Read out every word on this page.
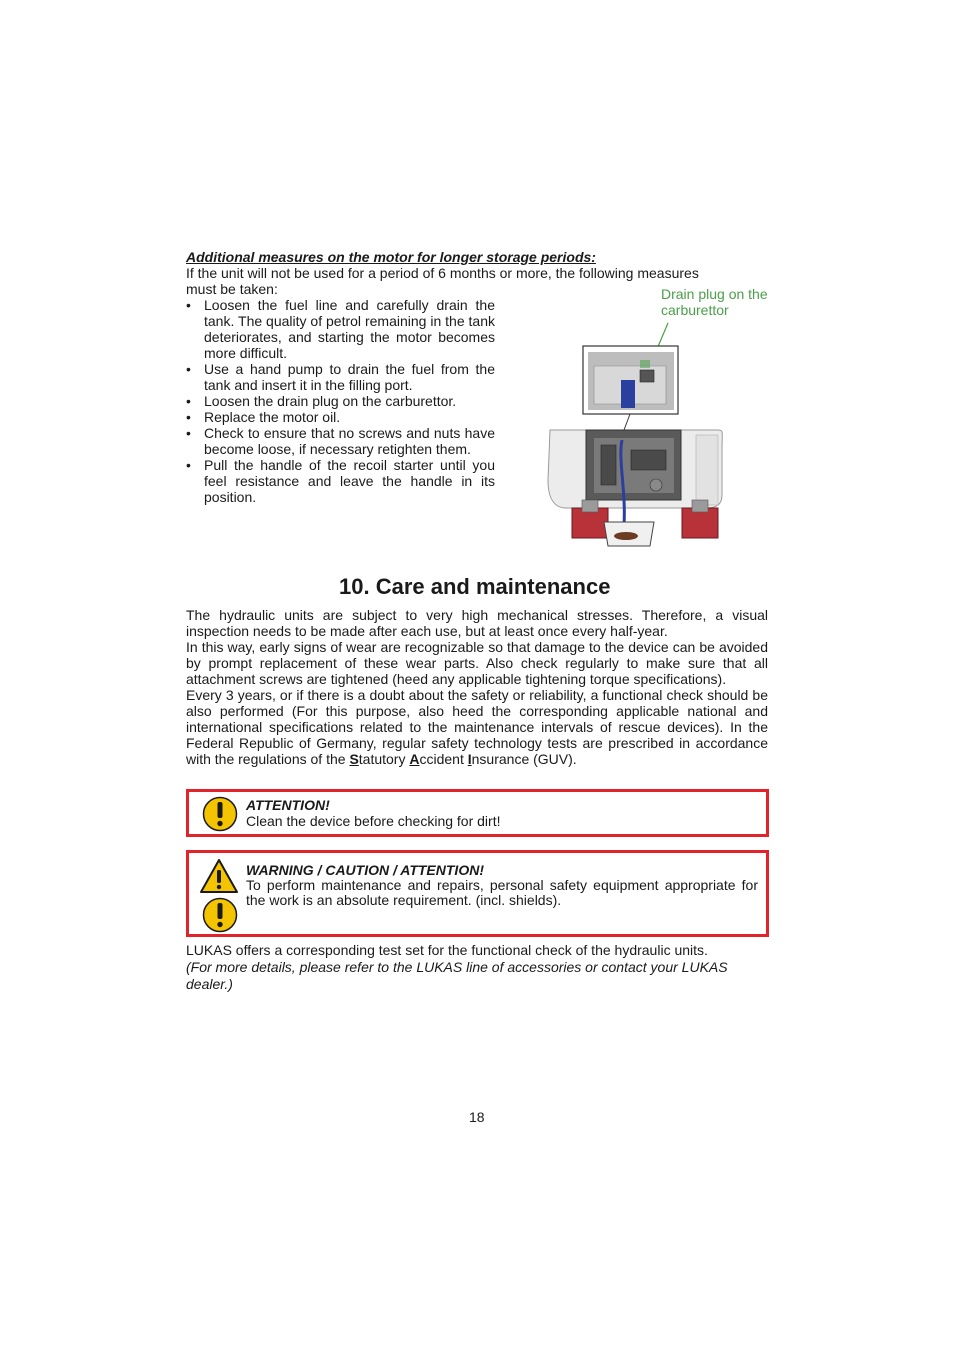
Additional measures on the motor for longer storage periods:
If the unit will not be used for a period of 6 months or more, the following measures must be taken:
• Loosen the fuel line and carefully drain the tank. The quality of petrol remaining in the tank deteriorates, and starting the motor becomes more difficult.
• Use a hand pump to drain the fuel from the tank and insert it in the filling port.
• Loosen the drain plug on the carburettor.
• Replace the motor oil.
• Check to ensure that no screws and nuts have become loose, if necessary retighten them.
• Pull the handle of the recoil starter until you feel resistance and leave the handle in its position.
Drain plug on the carburettor
10. Care and maintenance

The hydraulic units are subject to very high mechanical stresses. Therefore, a visual inspection needs to be made after each use, but at least once every half-year.

In this way, early signs of wear are recognizable so that damage to the device can be avoided by prompt replacement of these wear parts. Also check regularly to make sure that all attachment screws are tightened (heed any applicable tightening torque specifications).

Every 3 years, or if there is a doubt about the safety or reliability, a functional check should be also performed (For this purpose, also heed the corresponding applicable national and international specifications related to the maintenance intervals of rescue devices). In the Federal Republic of Germany, regular safety technology tests are prescribed in accordance with the regulations of the Statutory Accident Insurance (GUV).

ATTENTION!
Clean the device before checking for dirt!
WARNING / CAUTION / ATTENTION!
To perform maintenance and repairs, personal safety equipment appropriate for the work is an absolute requirement. (incl. shields).
LUKAS offers a corresponding test set for the functional check of the hydraulic units.
(For more details, please refer to the LUKAS line of accessories or contact your LUKAS dealer.)
18
